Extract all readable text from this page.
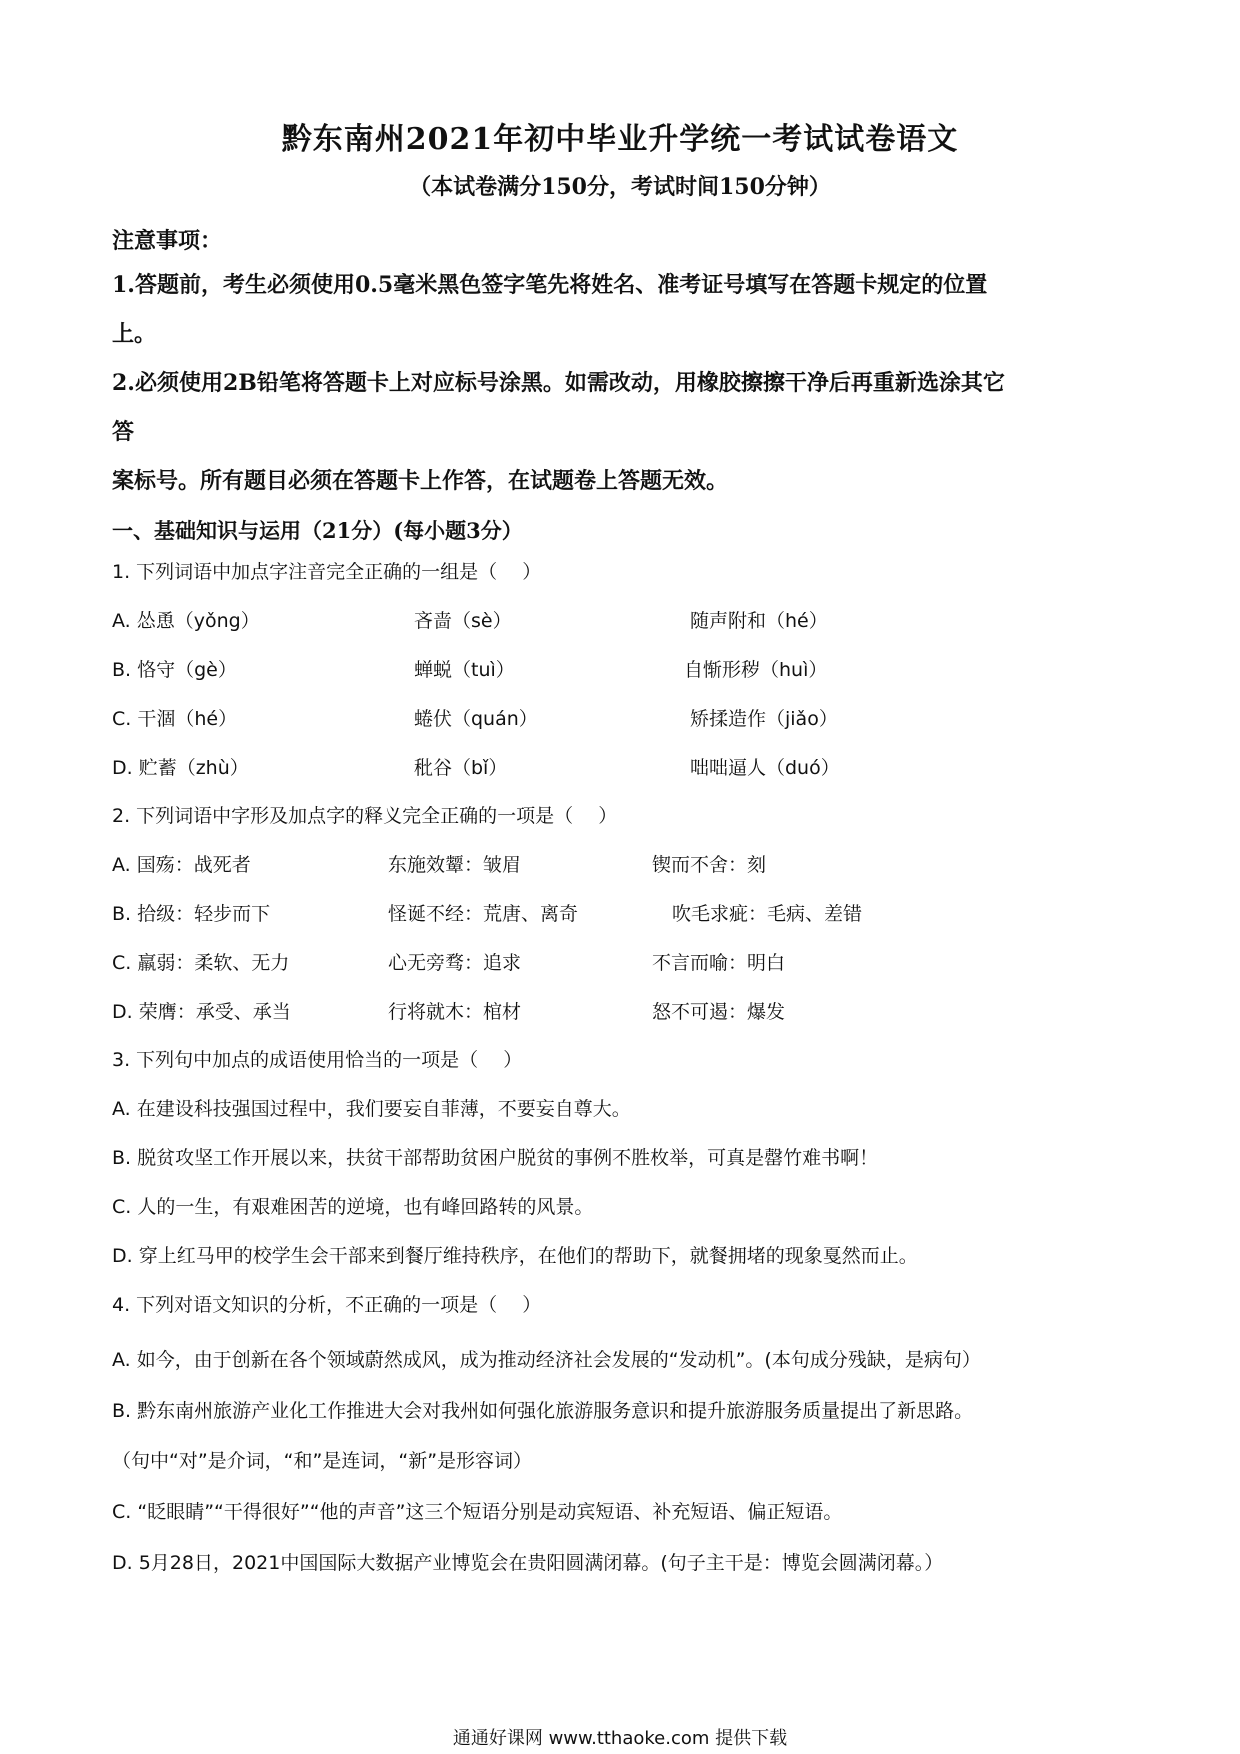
黔东南州2021年初中毕业升学统一考试试卷语文
（本试卷满分150分，考试时间150分钟）
注意事项：
1.答题前，考生必须使用0.5毫米黑色签字笔先将姓名、准考证号填写在答题卡规定的位置
上。
2.必须使用2B铅笔将答题卡上对应标号涂黑。如需改动，用橡胶擦擦干净后再重新选涂其它
答
案标号。所有题目必须在答题卡上作答，在试题卷上答题无效。
一、基础知识与运用（21分）(每小题3分）
1. 下列词语中加点字注音完全正确的一组是（　 ）
A. 怂恿（yǒng）	吝啬（sè）	随声附和（hé）
B. 恪守（gè）	蝉蜕（tuì）	自惭形秽（huì）
C. 干涸（hé）	蜷伏（quán）	矫揉造作（jiǎo）
D. 贮蓄（zhù）	秕谷（bǐ）	咄咄逼人（duó）
2. 下列词语中字形及加点字的释义完全正确的一项是（　 ）
A. 国殇：战死者	东施效颦：皱眉	锲而不舍：刻
B. 拾级：轻步而下	怪诞不经：荒唐、离奇	吹毛求疵：毛病、差错
C. 羸弱：柔软、无力	心无旁骛：追求	不言而喻：明白
D. 荣膺：承受、承当	行将就木：棺材	怒不可遏：爆发
3. 下列句中加点的成语使用恰当的一项是（　 ）
A. 在建设科技强国过程中，我们要妄自菲薄，不要妄自尊大。
B. 脱贫攻坚工作开展以来，扶贫干部帮助贫困户脱贫的事例不胜枚举，可真是罄竹难书啊！
C. 人的一生，有艰难困苦的逆境，也有峰回路转的风景。
D. 穿上红马甲的校学生会干部来到餐厅维持秩序，在他们的帮助下，就餐拥堵的现象戛然而止。
4. 下列对语文知识的分析，不正确的一项是（　 ）
A. 如今，由于创新在各个领域蔚然成风，成为推动经济社会发展的“发动机”。(本句成分残缺，是病句）
B. 黔东南州旅游产业化工作推进大会对我州如何强化旅游服务意识和提升旅游服务质量提出了新思路。
（句中“对”是介词，“和”是连词，“新”是形容词）
C. “眨眼睛”“干得很好”“他的声音”这三个短语分别是动宾短语、补充短语、偏正短语。
D. 5月28日，2021中国国际大数据产业博览会在贵阳圆满闭幕。(句子主干是：博览会圆满闭幕。）
通通好课网 www.tthaoke.com 提供下载
